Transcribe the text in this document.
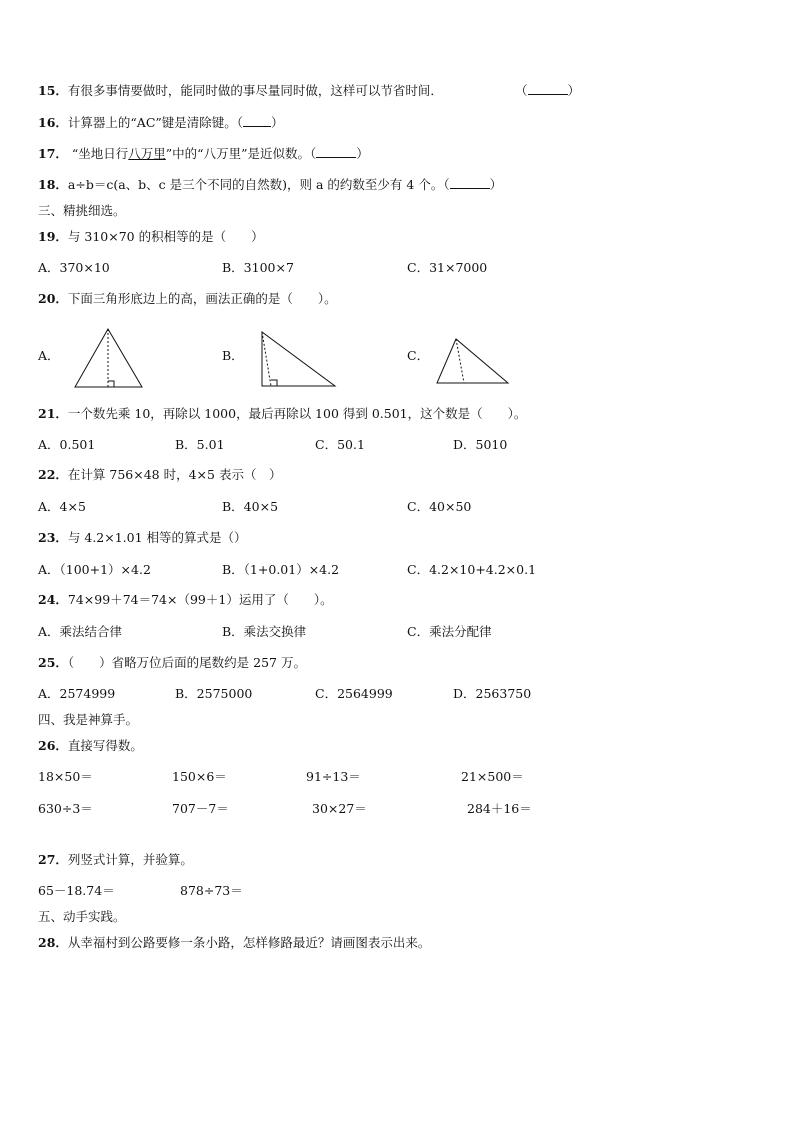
15．有很多事情要做时，能同时做的事尽量同时做，这样可以节省时间．	（	）
16．计算器上的“AC”键是清除键。（ ）
17． “坐地日行八万里”中的“八万里”是近似数。（	）
18．a÷b＝c(a、b、c 是三个不同的自然数)，则 a 的约数至少有 4 个。（	）
三、精挑细选。
19．与 310×70 的积相等的是（　　）
A．370×10	B．3100×7	C．31×7000
20．下面三角形底边上的高，画法正确的是（　　）。
A．	B．	C．
21．一个数先乘 10，再除以 1000，最后再除以 100 得到 0.501，这个数是（　　）。
A．0.501	B．5.01	C．50.1	D．5010
22．在计算 756×48 时，4×5 表示（　）
A．4×5	B．40×5	C．40×50
23．与 4.2×1.01 相等的算式是（）
A．（100+1）×4.2	B．（1+0.01）×4.2	C．4.2×10+4.2×0.1
24．74×99＋74＝74×（99＋1）运用了（　　）。
A．乘法结合律	B．乘法交换律	C．乘法分配律
25．（　　）省略万位后面的尾数约是 257 万。
A．2574999	B．2575000	C．2564999	D．2563750
四、我是神算手。
26．直接写得数。
18×50＝	150×6＝	91÷13＝	21×500＝
630÷3＝	707－7＝	30×27＝	284＋16＝
27．列竖式计算，并验算。
65－18.74＝	878÷73＝
五、动手实践。
28．从幸福村到公路要修一条小路，怎样修路最近？请画图表示出来。
